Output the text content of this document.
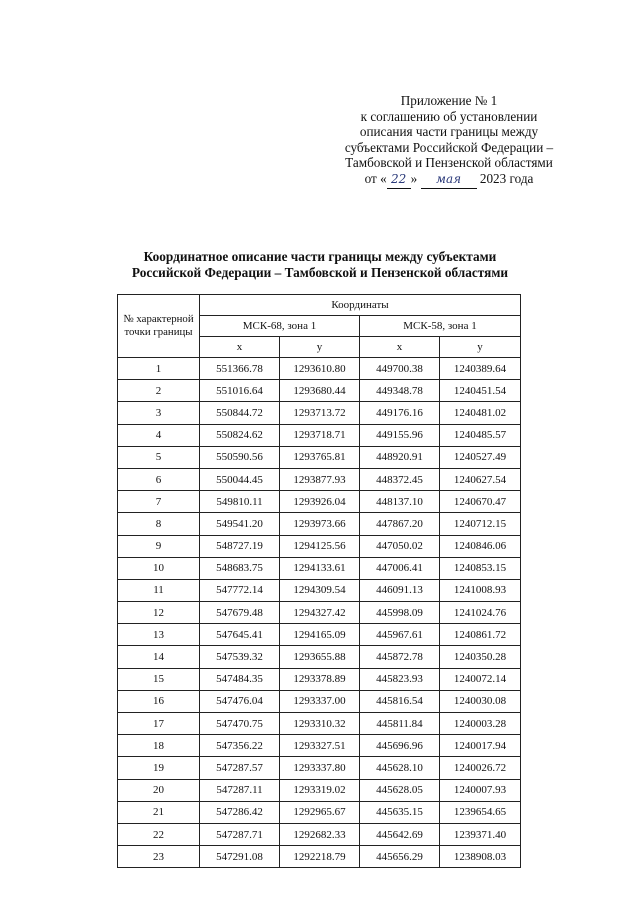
Приложение № 1
к соглашению об установлении
описания части границы между
субъектами Российской Федерации –
Тамбовской и Пензенской областями
от « 22 » мая 2023 года
Координатное описание части границы между субъектами
Российской Федерации – Тамбовской и Пензенской областями
№ характерной точки границы	Координаты			
	МСК-68, зона 1		МСК-58, зона 1	
	x	y	x	y
1	551366.78	1293610.80	449700.38	1240389.64
2	551016.64	1293680.44	449348.78	1240451.54
3	550844.72	1293713.72	449176.16	1240481.02
4	550824.62	1293718.71	449155.96	1240485.57
5	550590.56	1293765.81	448920.91	1240527.49
6	550044.45	1293877.93	448372.45	1240627.54
7	549810.11	1293926.04	448137.10	1240670.47
8	549541.20	1293973.66	447867.20	1240712.15
9	548727.19	1294125.56	447050.02	1240846.06
10	548683.75	1294133.61	447006.41	1240853.15
11	547772.14	1294309.54	446091.13	1241008.93
12	547679.48	1294327.42	445998.09	1241024.76
13	547645.41	1294165.09	445967.61	1240861.72
14	547539.32	1293655.88	445872.78	1240350.28
15	547484.35	1293378.89	445823.93	1240072.14
16	547476.04	1293337.00	445816.54	1240030.08
17	547470.75	1293310.32	445811.84	1240003.28
18	547356.22	1293327.51	445696.96	1240017.94
19	547287.57	1293337.80	445628.10	1240026.72
20	547287.11	1293319.02	445628.05	1240007.93
21	547286.42	1292965.67	445635.15	1239654.65
22	547287.71	1292682.33	445642.69	1239371.40
23	547291.08	1292218.79	445656.29	1238908.03
